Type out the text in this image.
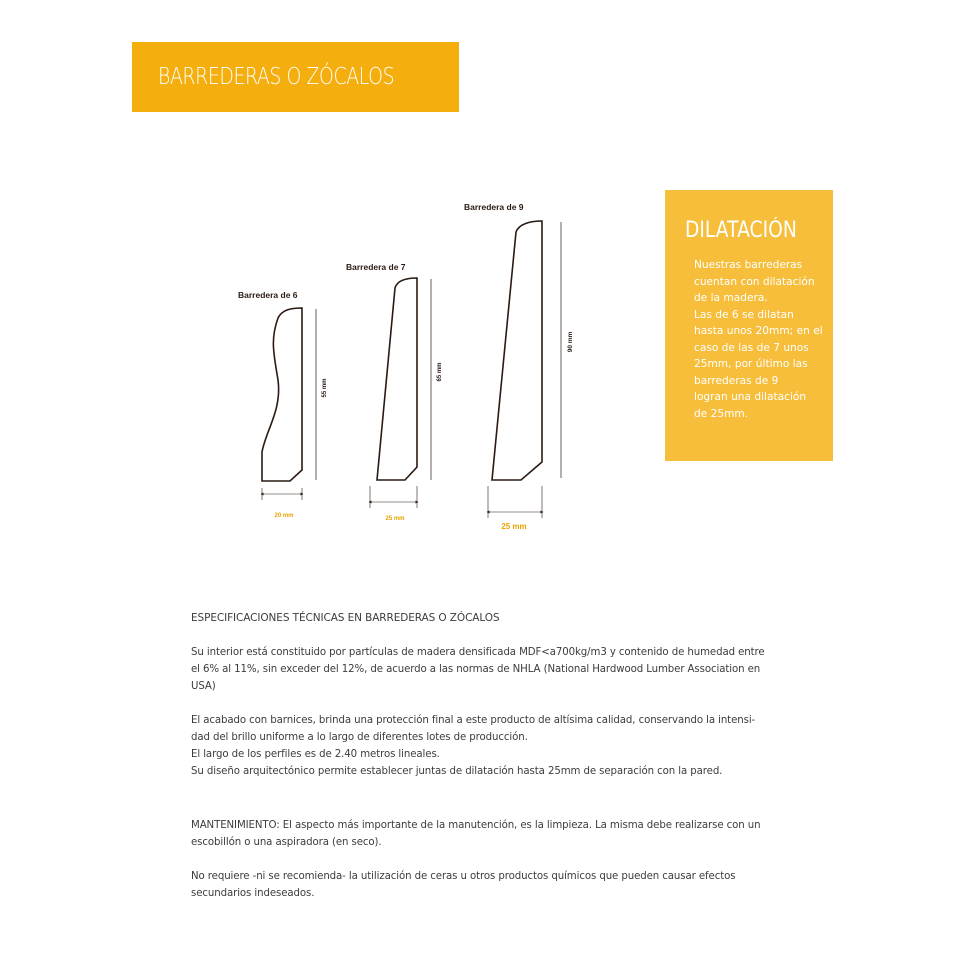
BARREDERAS O ZÓCALOS
Barredera de 6
55 mm
20 mm
Barredera de 7
65 mm
25 mm
Barredera de 9
90 mm
25 mm
DILATACIÓN
Nuestras barrederas
cuentan con dilatación
de la madera.
Las de 6 se dilatan
hasta unos 20mm; en el
caso de las de 7 unos
25mm, por último las
barrederas de 9
logran una dilatación
de 25mm.
ESPECIFICACIONES TÉCNICAS EN BARREDERAS O ZÓCALOS
Su interior está constituido por partículas de madera densificada MDF<a700kg/m3 y contenido de humedad entre
el 6% al 11%, sin exceder del 12%, de acuerdo a las normas de NHLA (National Hardwood Lumber Association en
USA)
El acabado con barnices, brinda una protección final a este producto de altísima calidad, conservando la intensi-
dad del brillo uniforme a lo largo de diferentes lotes de producción.
El largo de los perfiles es de 2.40 metros lineales.
Su diseño arquitectónico permite establecer juntas de dilatación hasta 25mm de separación con la pared.
MANTENIMIENTO: El aspecto más importante de la manutención, es la limpieza. La misma debe realizarse con un
escobillón o una aspiradora (en seco).
No requiere -ni se recomienda- la utilización de ceras u otros productos químicos que pueden causar efectos
secundarios indeseados.
